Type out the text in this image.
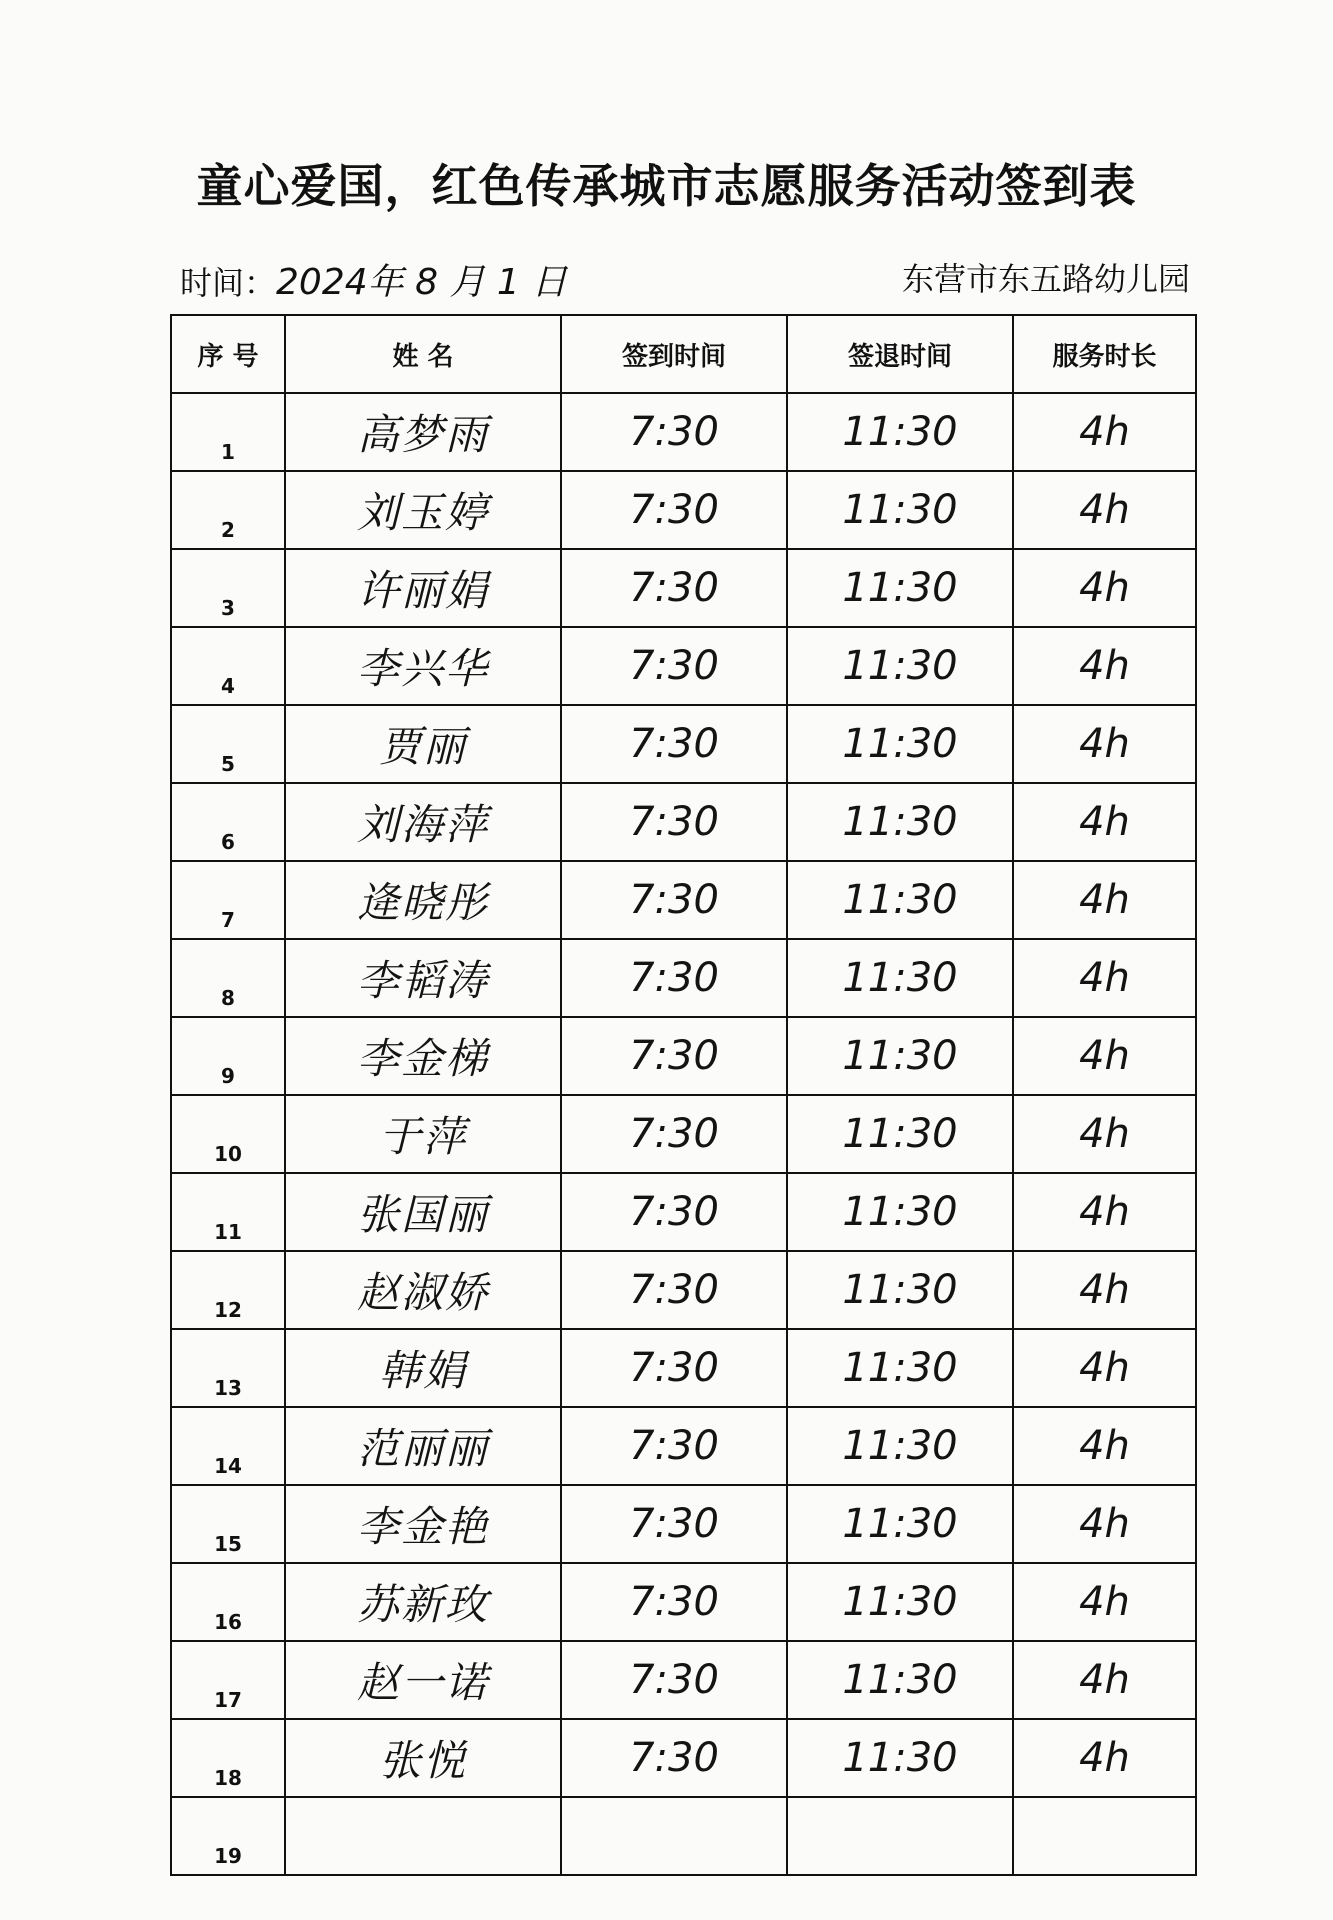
童心爱国，红色传承城市志愿服务活动签到表
时间：2024年 8 月 1 日	东营市东五路幼儿园
序 号	姓 名	签到时间	签退时间	服务时长
1	高梦雨	7:30	11:30	4h
2	刘玉婷	7:30	11:30	4h
3	许丽娟	7:30	11:30	4h
4	李兴华	7:30	11:30	4h
5	贾丽	7:30	11:30	4h
6	刘海萍	7:30	11:30	4h
7	逄晓彤	7:30	11:30	4h
8	李韬涛	7:30	11:30	4h
9	李金梯	7:30	11:30	4h
10	于萍	7:30	11:30	4h
11	张国丽	7:30	11:30	4h
12	赵淑娇	7:30	11:30	4h
13	韩娟	7:30	11:30	4h
14	范丽丽	7:30	11:30	4h
15	李金艳	7:30	11:30	4h
16	苏新玫	7:30	11:30	4h
17	赵一诺	7:30	11:30	4h
18	张悦	7:30	11:30	4h
19				
